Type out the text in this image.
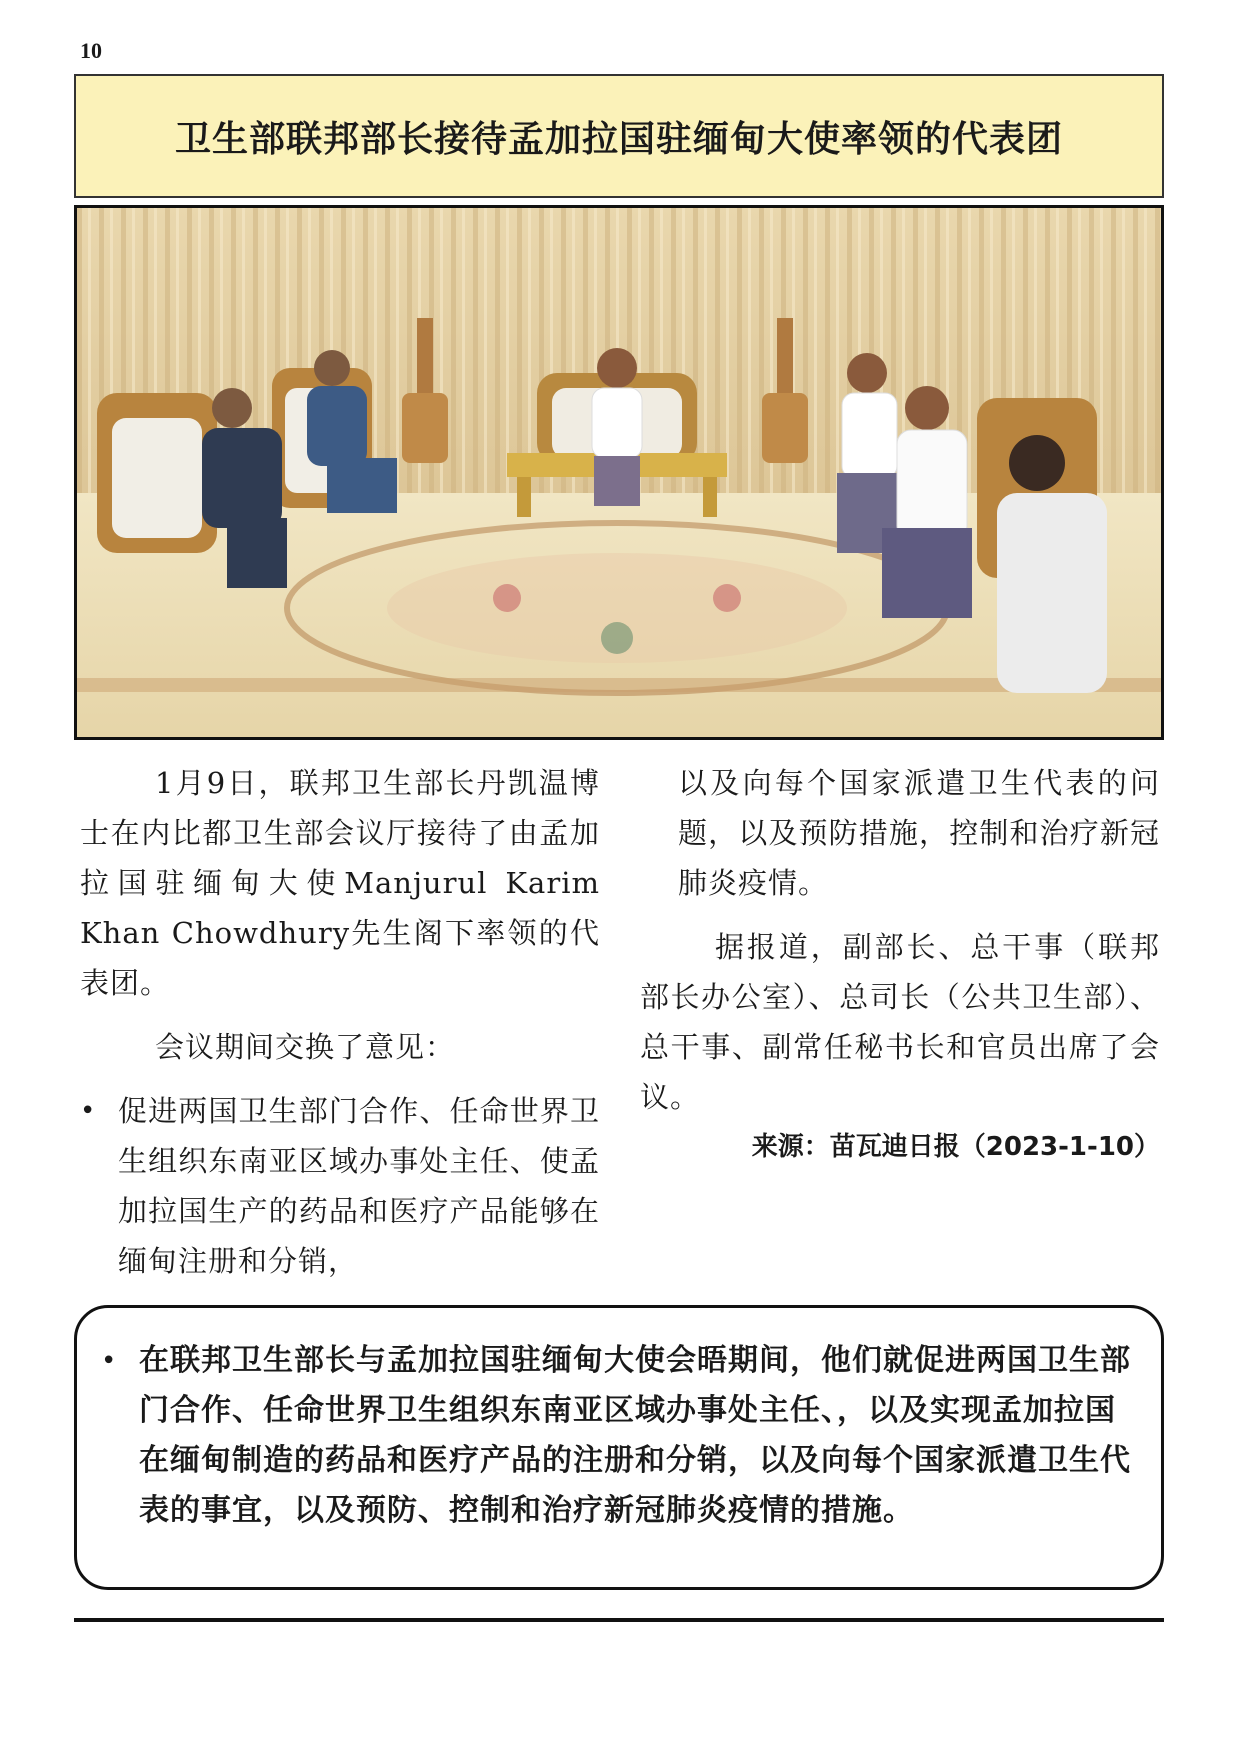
10
卫生部联邦部长接待孟加拉国驻缅甸大使率领的代表团

1月9日，联邦卫生部长丹凯温博士在内比都卫生部会议厅接待了由孟加拉国驻缅甸大使Manjurul Karim Khan Chowdhury先生阁下率领的代表团。

会议期间交换了意见：

• 促进两国卫生部门合作、任命世界卫生组织东南亚区域办事处主任、使孟加拉国生产的药品和医疗产品能够在缅甸注册和分销，

以及向每个国家派遣卫生代表的问题，以及预防措施，控制和治疗新冠肺炎疫情。

据报道，副部长、总干事（联邦部长办公室）、总司长（公共卫生部）、总干事、副常任秘书长和官员出席了会议。

来源：苗瓦迪日报（2023-1-10）

• 在联邦卫生部长与孟加拉国驻缅甸大使会晤期间，他们就促进两国卫生部门合作、任命世界卫生组织东南亚区域办事处主任、，以及实现孟加拉国在缅甸制造的药品和医疗产品的注册和分销，以及向每个国家派遣卫生代表的事宜，以及预防、控制和治疗新冠肺炎疫情的措施。
